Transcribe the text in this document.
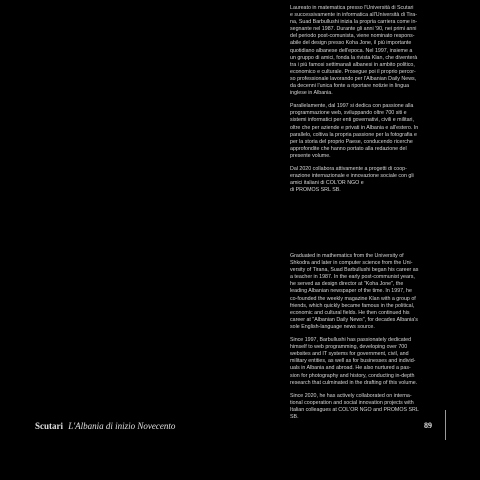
Laureato in matematica presso l'Università di Scutari
e successivamente in informatica all'Università di Tira-
na, Suad Barbullushi inizia la propria carriera come in-
segnante nel 1987. Durante gli anni '90, nei primi anni
del periodo post-comunista, viene nominato respons-
abile del design presso Koha Jone, il più importante
quotidiano albanese dell'epoca. Nel 1997, insieme a
un gruppo di amici, fonda la rivista Klan, che diventerà
tra i più famosi settimanali albanesi in ambito politico,
economico e culturale. Prosegue poi il proprio percor-
so professionale lavorando per l'Albanian Daily News,
da decenni l'unica fonte a riportare notizie in lingua
inglese in Albania.

Parallelamente, dal 1997 si dedica con passione alla
programmazione web, sviluppando oltre 700 siti e
sistemi informatici per enti governativi, civili e militari,
oltre che per aziende e privati in Albania e all'estero. In
parallelo, coltiva la propria passione per la fotografia e
per la storia del proprio Paese, conducendo ricerche
approfondite che hanno portato alla redazione del
presente volume.

Dal 2020 collabora attivamente a progetti di coop-
erazione internazionale e innovazione sociale con gli
amici italiani di COL'OR NGO e
di PROMOS SRL SB.

Graduated in mathematics from the University of
Shkodra and later in computer science from the Uni-
versity of Tirana, Suad Barbullushi began his career as
a teacher in 1987. In the early post-communist years,
he served as design director at "Koha Jone", the
leading Albanian newspaper of the time. In 1997, he
co-founded the weekly magazine Klan with a group of
friends, which quickly became famous in the political,
economic and cultural fields. He then continued his
career at "Albanian Daily News", for decades Albania's
sole English-language news source.

Since 1997, Barbullushi has passionately dedicated
himself to web programming, developing over 700
websites and IT systems for government, civil, and
military entities, as well as for businesses and individ-
uals in Albania and abroad. He also nurtured a pas-
sion for photography and history, conducting in-depth
research that culminated in the drafting of this volume.

Since 2020, he has actively collaborated on interna-
tional cooperation and social innovation projects with
Italian colleagues at COL'OR NGO and PROMOS SRL
SB.

Scutari L'Albania di inizio Novecento	89
